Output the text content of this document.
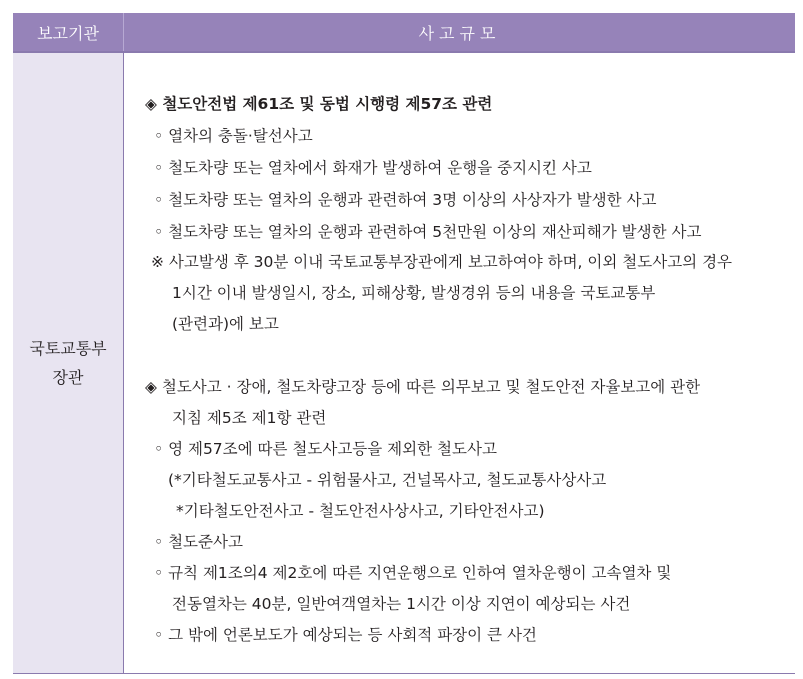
보고기관	사고규모
국토교통부
장관
◈ 철도안전법 제61조 및 동법 시행령 제57조 관련
◦ 열차의 충돌·탈선사고
◦ 철도차량 또는 열차에서 화재가 발생하여 운행을 중지시킨 사고
◦ 철도차량 또는 열차의 운행과 관련하여 3명 이상의 사상자가 발생한 사고
◦ 철도차량 또는 열차의 운행과 관련하여 5천만원 이상의 재산피해가 발생한 사고
※ 사고발생 후 30분 이내 국토교통부장관에게 보고하여야 하며, 이외 철도사고의 경우
1시간 이내 발생일시, 장소, 피해상황, 발생경위 등의 내용을 국토교통부
(관련과)에 보고
◈ 철도사고 · 장애, 철도차량고장 등에 따른 의무보고 및 철도안전 자율보고에 관한
지침 제5조 제1항 관련
◦ 영 제57조에 따른 철도사고등을 제외한 철도사고
(*기타철도교통사고 - 위험물사고, 건널목사고, 철도교통사상사고
*기타철도안전사고 - 철도안전사상사고, 기타안전사고)
◦ 철도준사고
◦ 규칙 제1조의4 제2호에 따른 지연운행으로 인하여 열차운행이 고속열차 및
전동열차는 40분, 일반여객열차는 1시간 이상 지연이 예상되는 사건
◦ 그 밖에 언론보도가 예상되는 등 사회적 파장이 큰 사건
